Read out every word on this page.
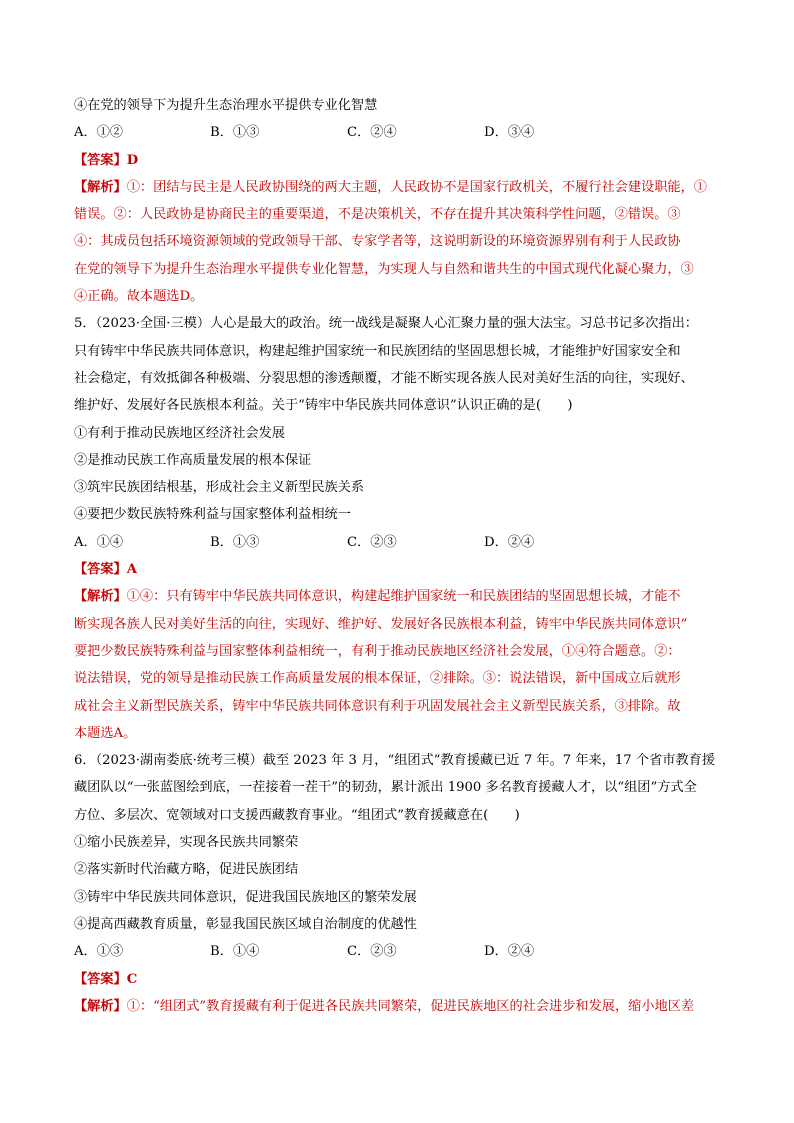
④在党的领导下为提升生态治理水平提供专业化智慧
A．①②	B．①③	C．②④	D．③④
【答案】D
【解析】①：团结与民主是人民政协围绕的两大主题，人民政协不是国家行政机关，不履行社会建设职能，①
错误。②：人民政协是协商民主的重要渠道，不是决策机关，不存在提升其决策科学性问题，②错误。③
④：其成员包括环境资源领域的党政领导干部、专家学者等，这说明新设的环境资源界别有利于人民政协
在党的领导下为提升生态治理水平提供专业化智慧，为实现人与自然和谐共生的中国式现代化凝心聚力，③
④正确。故本题选D。
5．（2023·全国·三模）人心是最大的政治。统一战线是凝聚人心汇聚力量的强大法宝。习总书记多次指出：
只有铸牢中华民族共同体意识，构建起维护国家统一和民族团结的坚固思想长城，才能维护好国家安全和
社会稳定，有效抵御各种极端、分裂思想的渗透颠覆，才能不断实现各族人民对美好生活的向往，实现好、
维护好、发展好各民族根本利益。关于“铸牢中华民族共同体意识”认识正确的是(　　)
①有利于推动民族地区经济社会发展
②是推动民族工作高质量发展的根本保证
③筑牢民族团结根基，形成社会主义新型民族关系
④要把少数民族特殊利益与国家整体利益相统一
A．①④	B．①③	C．②③	D．②④
【答案】A
【解析】①④：只有铸牢中华民族共同体意识，构建起维护国家统一和民族团结的坚固思想长城，才能不
断实现各族人民对美好生活的向往，实现好、维护好、发展好各民族根本利益，铸牢中华民族共同体意识”
要把少数民族特殊利益与国家整体利益相统一，有利于推动民族地区经济社会发展，①④符合题意。②：
说法错误，党的领导是推动民族工作高质量发展的根本保证，②排除。③：说法错误，新中国成立后就形
成社会主义新型民族关系，铸牢中华民族共同体意识有利于巩固发展社会主义新型民族关系，③排除。故
本题选A。
6．（2023·湖南娄底·统考三模）截至 2023 年 3 月，“组团式”教育援藏已近 7 年。7 年来，17 个省市教育援
藏团队以“一张蓝图绘到底，一茬接着一茬干”的韧劲，累计派出 1900 多名教育援藏人才，以“组团”方式全
方位、多层次、宽领域对口支援西藏教育事业。“组团式”教育援藏意在(　　)
①缩小民族差异，实现各民族共同繁荣
②落实新时代治藏方略，促进民族团结
③铸牢中华民族共同体意识，促进我国民族地区的繁荣发展
④提高西藏教育质量，彰显我国民族区域自治制度的优越性
A．①③	B．①④	C．②③	D．②④
【答案】C
【解析】①：“组团式”教育援藏有利于促进各民族共同繁荣，促进民族地区的社会进步和发展，缩小地区差
